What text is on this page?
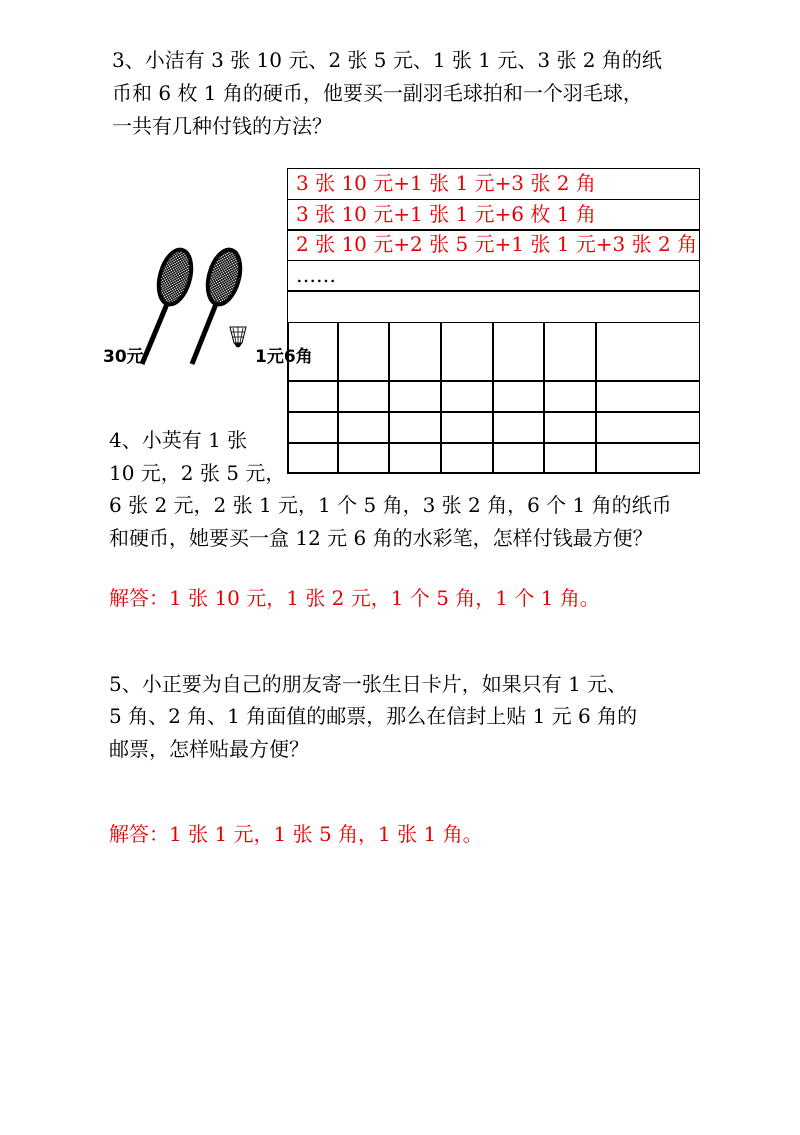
3、小洁有 3 张 10 元、2 张 5 元、1 张 1 元、3 张 2 角的纸
币和 6 枚 1 角的硬币，他要买一副羽毛球拍和一个羽毛球，
一共有几种付钱的方法？
3 张 10 元+1 张 1 元+3 张 2 角
3 张 10 元+1 张 1 元+6 枚 1 角
2 张 10 元+2 张 5 元+1 张 1 元+3 张 2 角
……
30元	1元6角
4、小英有 1 张
10 元，2 张 5 元，
6 张 2 元，2 张 1 元，1 个 5 角，3 张 2 角，6 个 1 角的纸币
和硬币，她要买一盒 12 元 6 角的水彩笔，怎样付钱最方便？
解答：1 张 10 元，1 张 2 元，1 个 5 角，1 个 1 角。
5、小正要为自己的朋友寄一张生日卡片，如果只有 1 元、
5 角、2 角、1 角面值的邮票，那么在信封上贴 1 元 6 角的
邮票，怎样贴最方便？
解答：1 张 1 元，1 张 5 角，1 张 1 角。
